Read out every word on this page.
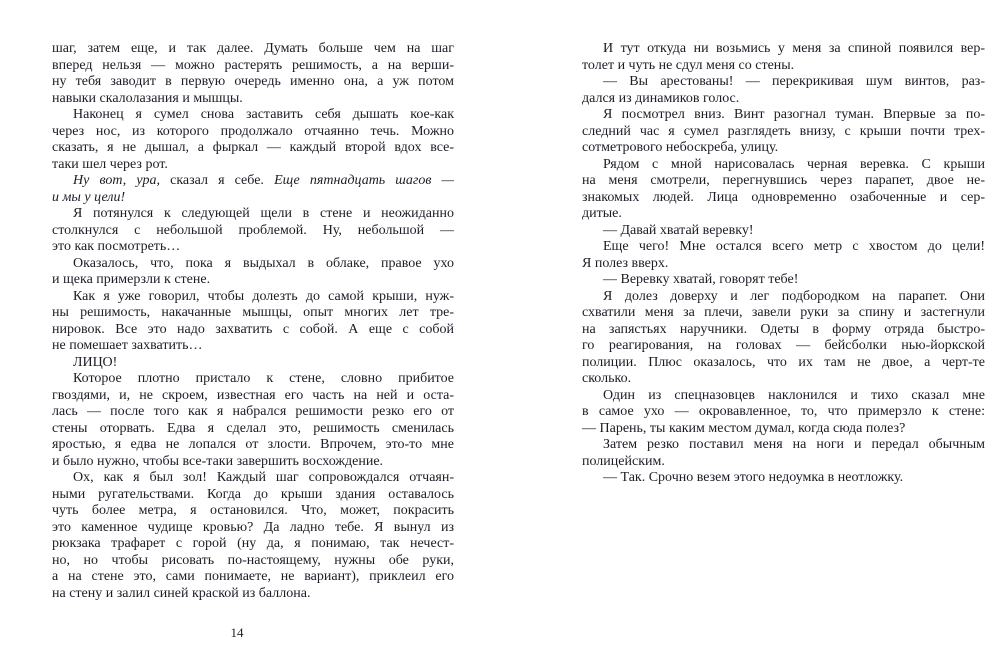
шаг, затем еще, и так далее. Думать больше чем на шаг
вперед нельзя — можно растерять решимость, а на верши-
ну тебя заводит в первую очередь именно она, а уж потом
навыки скалолазания и мышцы.
Наконец я сумел снова заставить себя дышать кое-как
через нос, из которого продолжало отчаянно течь. Можно
сказать, я не дышал, а фыркал — каждый второй вдох все-
таки шел через рот.
Ну вот, ура, сказал я себе. Еще пятнадцать шагов —
и мы у цели!
Я потянулся к следующей щели в стене и неожиданно
столкнулся с небольшой проблемой. Ну, небольшой —
это как посмотреть…
Оказалось, что, пока я выдыхал в облаке, правое ухо
и щека примерзли к стене.
Как я уже говорил, чтобы долезть до самой крыши, нуж-
ны решимость, накачанные мышцы, опыт многих лет тре-
нировок. Все это надо захватить с собой. А еще с собой
не помешает захватить…
ЛИЦО!
Которое плотно пристало к стене, словно прибитое
гвоздями, и, не скроем, известная его часть на ней и оста-
лась — после того как я набрался решимости резко его от
стены оторвать. Едва я сделал это, решимость сменилась
яростью, я едва не лопался от злости. Впрочем, это-то мне
и было нужно, чтобы все-таки завершить восхождение.
Ох, как я был зол! Каждый шаг сопровождался отчаян-
ными ругательствами. Когда до крыши здания оставалось
чуть более метра, я остановился. Что, может, покрасить
это каменное чудище кровью? Да ладно тебе. Я вынул из
рюкзака трафарет с горой (ну да, я понимаю, так нечест-
но, но чтобы рисовать по-настоящему, нужны обе руки,
а на стене это, сами понимаете, не вариант), приклеил его
на стену и залил синей краской из баллона.
И тут откуда ни возьмись у меня за спиной появился вер-
толет и чуть не сдул меня со стены.
— Вы арестованы! — перекрикивая шум винтов, раз-
дался из динамиков голос.
Я посмотрел вниз. Винт разогнал туман. Впервые за по-
следний час я сумел разглядеть внизу, с крыши почти трех-
сотметрового небоскреба, улицу.
Рядом с мной нарисовалась черная веревка. С крыши
на меня смотрели, перегнувшись через парапет, двое не-
знакомых людей. Лица одновременно озабоченные и сер-
дитые.
— Давай хватай веревку!
Еще чего! Мне остался всего метр с хвостом до цели!
Я полез вверх.
— Веревку хватай, говорят тебе!
Я долез доверху и лег подбородком на парапет. Они
схватили меня за плечи, завели руки за спину и застегнули
на запястьях наручники. Одеты в форму отряда быстро-
го реагирования, на головах — бейсболки нью-йоркской
полиции. Плюс оказалось, что их там не двое, а черт-те
сколько.
Один из спецназовцев наклонился и тихо сказал мне
в самое ухо — окровавленное, то, что примерзло к стене:
— Парень, ты каким местом думал, когда сюда полез?
Затем резко поставил меня на ноги и передал обычным
полицейским.
— Так. Срочно везем этого недоумка в неотложку.
14
